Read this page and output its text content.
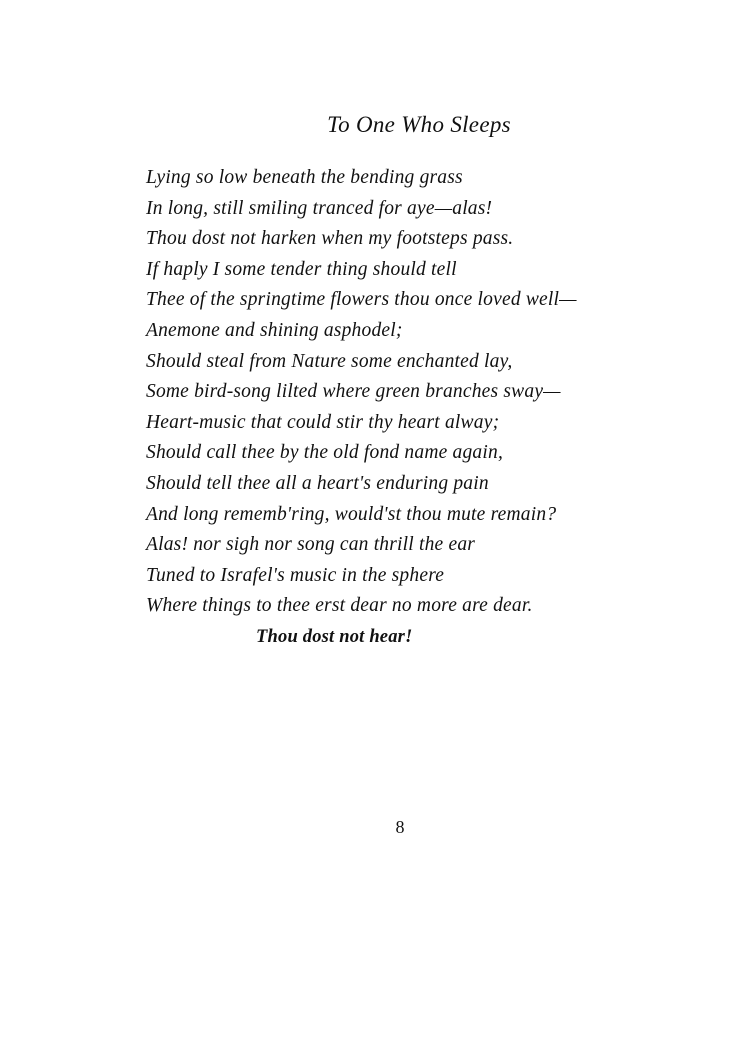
To One Who Sleeps
Lying so low beneath the bending grass
In long, still smiling tranced for aye—alas!
Thou dost not harken when my footsteps pass.
If haply I some tender thing should tell
Thee of the springtime flowers thou once loved well—
Anemone and shining asphodel;
Should steal from Nature some enchanted lay,
Some bird-song lilted where green branches sway—
Heart-music that could stir thy heart alway;
Should call thee by the old fond name again,
Should tell thee all a heart's enduring pain
And long rememb'ring, would'st thou mute remain?
Alas! nor sigh nor song can thrill the ear
Tuned to Israfel's music in the sphere
Where things to thee erst dear no more are dear.
Thou dost not hear!
8
